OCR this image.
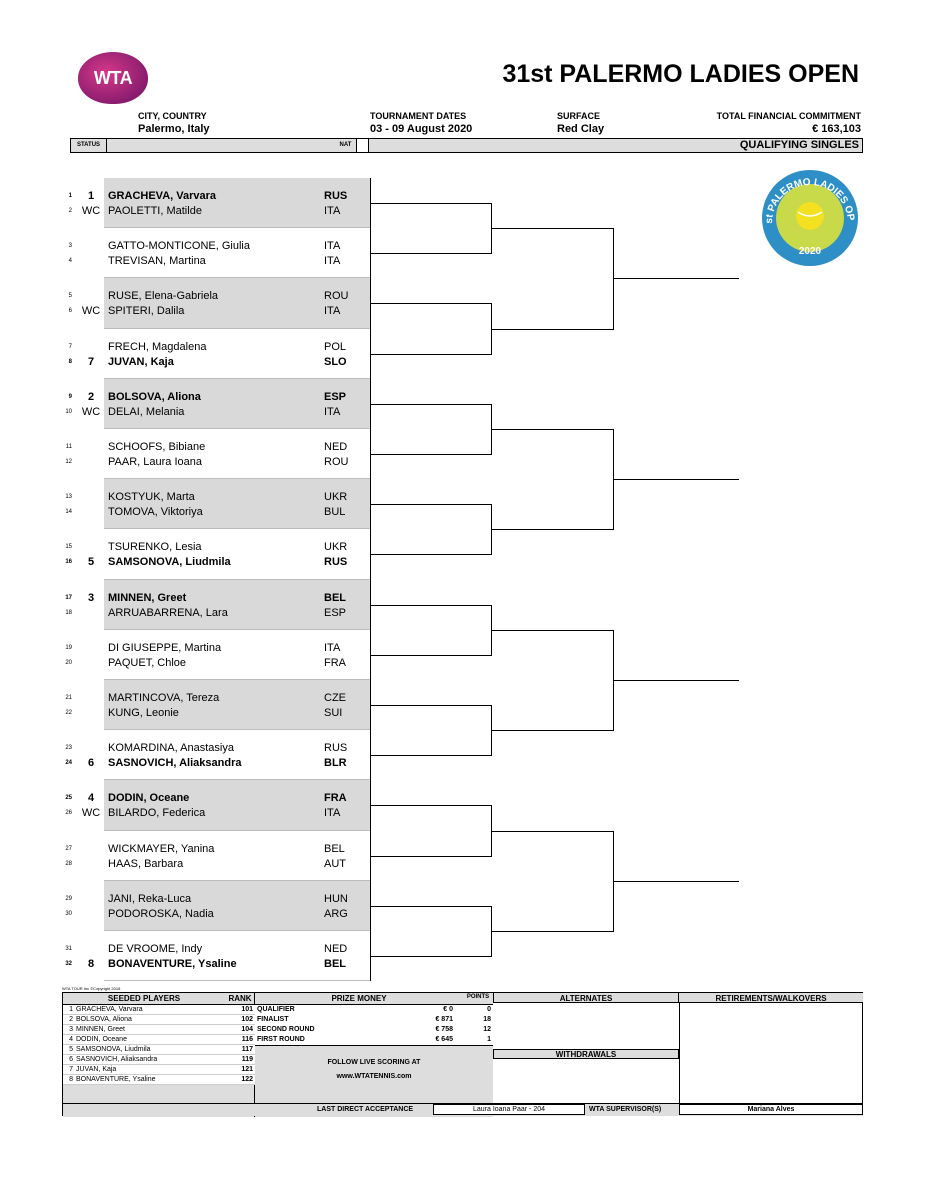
WTA	31st PALERMO LADIES OPEN
CITY, COUNTRY
Palermo, Italy
TOURNAMENT DATES
03 - 09 August 2020
SURFACE
Red Clay
TOTAL FINANCIAL COMMITMENT
€ 163,103
STATUS	NAT	QUALIFYING SINGLES
st PALERMO LADIES OP
2020
1	1	GRACHEVA, Varvara	RUS
2 WC PAOLETTI, Matilde	ITA
3	GATTO-MONTICONE, Giulia	ITA
4	TREVISAN, Martina	ITA
5	RUSE, Elena-Gabriela	ROU
6 WC SPITERI, Dalila	ITA
7	FRECH, Magdalena	POL
8	7	JUVAN, Kaja	SLO
9	2	BOLSOVA, Aliona	ESP
10 WC DELAI, Melania	ITA
11	SCHOOFS, Bibiane	NED
12	PAAR, Laura Ioana	ROU
13	KOSTYUK, Marta	UKR
14	TOMOVA, Viktoriya	BUL
15	TSURENKO, Lesia	UKR
16	5	SAMSONOVA, Liudmila	RUS
17	3	MINNEN, Greet	BEL
18	ARRUABARRENA, Lara	ESP
19	DI GIUSEPPE, Martina	ITA
20	PAQUET, Chloe	FRA
21	MARTINCOVA, Tereza	CZE
22	KUNG, Leonie	SUI
23	KOMARDINA, Anastasiya	RUS
24	6	SASNOVICH, Aliaksandra	BLR
25	4	DODIN, Oceane	FRA
26 WC BILARDO, Federica	ITA
27	WICKMAYER, Yanina	BEL
28	HAAS, Barbara	AUT
29	JANI, Reka-Luca	HUN
30	PODOROSKA, Nadia	ARG
31	DE VROOME, Indy	NED
32	8	BONAVENTURE, Ysaline	BEL
WTA TOUR Inc ©Copyright 2018
SEEDED PLAYERS	RANK
1 GRACHEVA, Varvara	101
2 BOLSOVA, Aliona	102
3 MINNEN, Greet	104
4 DODIN, Oceane	116
5 SAMSONOVA, Liudmila	117
6 SASNOVICH, Aliaksandra	119
7 JUVAN, Kaja	121
8 BONAVENTURE, Ysaline	122
PRIZE MONEY	POINTS
QUALIFIER	€ 0	0
FINALIST	€ 871	18
SECOND ROUND	€ 758	12
FIRST ROUND	€ 645	1
FOLLOW LIVE SCORING AT
www.WTATENNIS.com
ALTERNATES
WITHDRAWALS
RETIREMENTS/WALKOVERS
LAST DIRECT ACCEPTANCE	Laura Ioana Paar - 204	WTA SUPERVISOR(S)	Mariana Alves
